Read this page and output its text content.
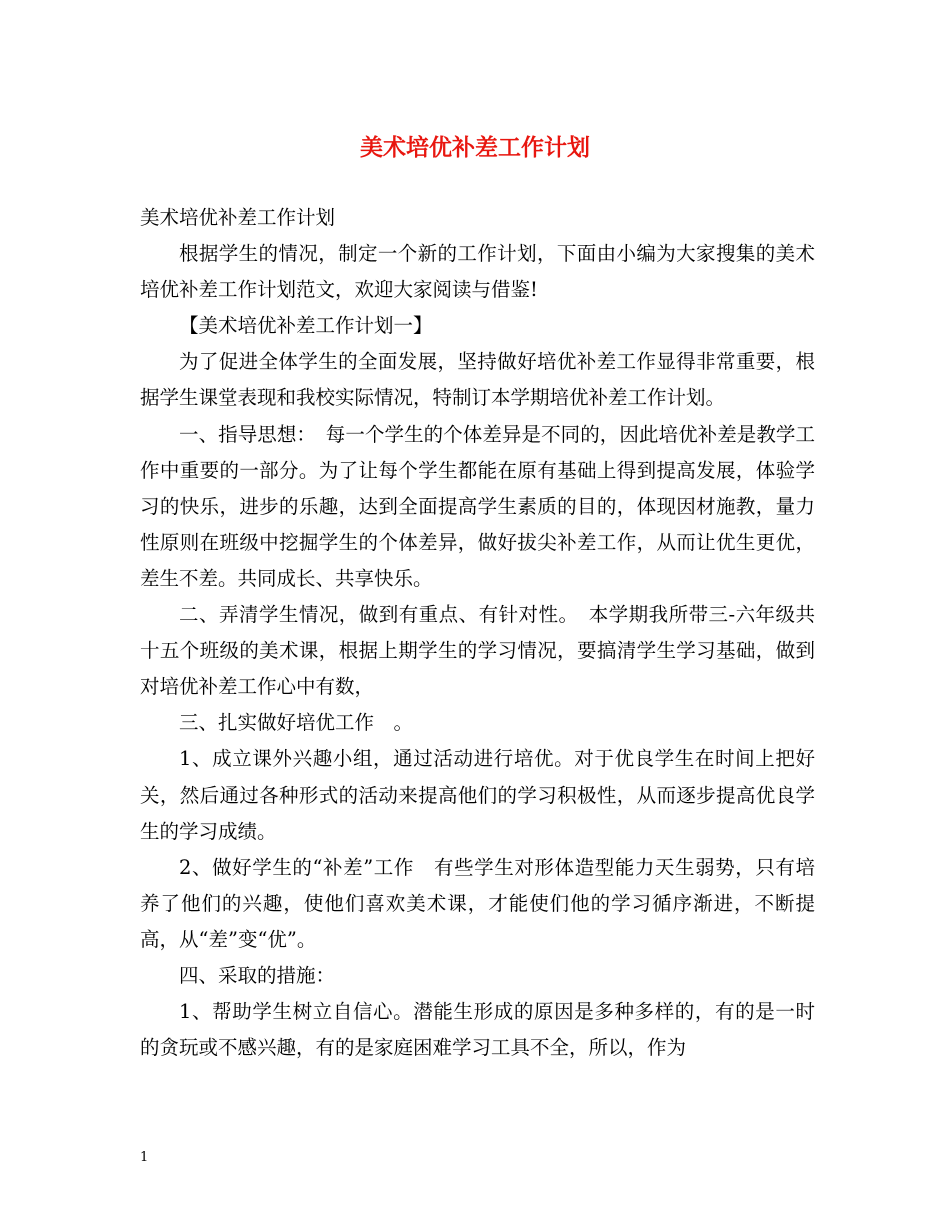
美术培优补差工作计划

美术培优补差工作计划

根据学生的情况，制定一个新的工作计划，下面由小编为大家搜集的美术培优补差工作计划范文，欢迎大家阅读与借鉴!

【美术培优补差工作计划一】

为了促进全体学生的全面发展，坚持做好培优补差工作显得非常重要，根据学生课堂表现和我校实际情况，特制订本学期培优补差工作计划。

一、指导思想：　每一个学生的个体差异是不同的，因此培优补差是教学工作中重要的一部分。为了让每个学生都能在原有基础上得到提高发展，体验学习的快乐，进步的乐趣，达到全面提高学生素质的目的，体现因材施教，量力性原则在班级中挖掘学生的个体差异，做好拔尖补差工作，从而让优生更优，差生不差。共同成长、共享快乐。

二、弄清学生情况，做到有重点、有针对性。　本学期我所带三-六年级共十五个班级的美术课，根据上期学生的学习情况，要搞清学生学习基础，做到对培优补差工作心中有数，

三、扎实做好培优工作　。

1、成立课外兴趣小组，通过活动进行培优。对于优良学生在时间上把好关，然后通过各种形式的活动来提高他们的学习积极性，从而逐步提高优良学生的学习成绩。

2、做好学生的“补差”工作　有些学生对形体造型能力天生弱势，只有培养了他们的兴趣，使他们喜欢美术课，才能使们他的学习循序渐进，不断提高，从“差”变“优”。

四、采取的措施：

1、帮助学生树立自信心。潜能生形成的原因是多种多样的，有的是一时的贪玩或不感兴趣，有的是家庭困难学习工具不全，所以，作为

1
